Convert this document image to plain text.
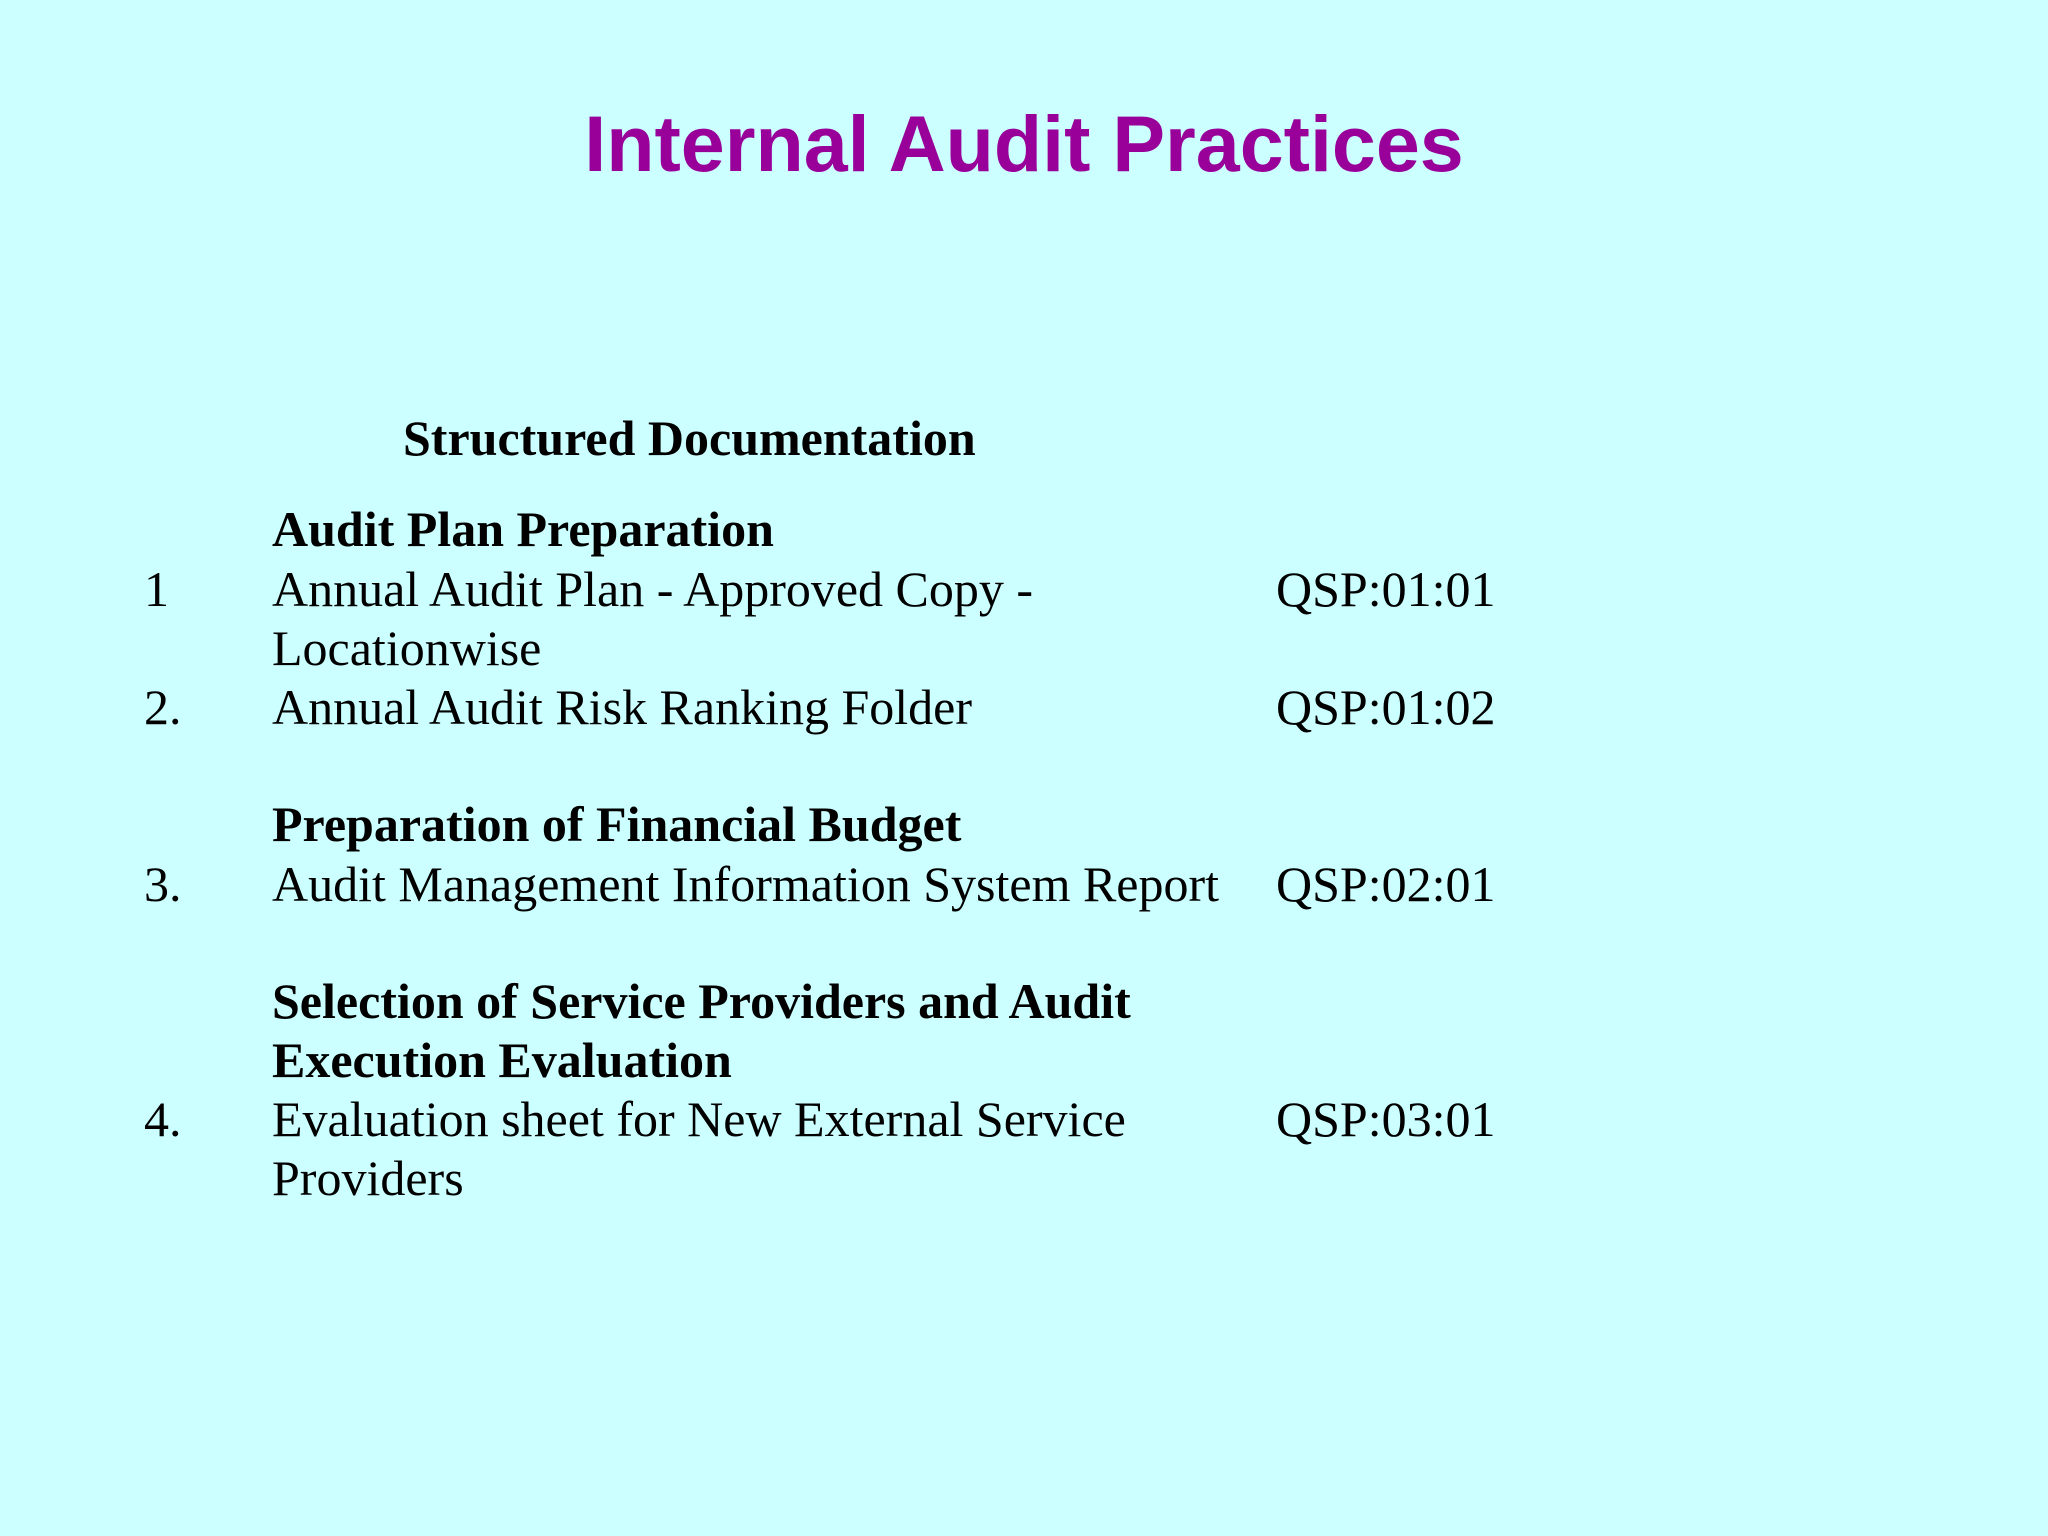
Internal Audit Practices
Structured Documentation
Audit Plan Preparation
1 Annual Audit Plan - Approved Copy -
Locationwise
QSP:01:01
2. Annual Audit Risk Ranking Folder	QSP:01:02
Preparation of Financial Budget
3. Audit Management Information System Report	QSP:02:01
Selection of Service Providers and Audit
Execution Evaluation
4. Evaluation sheet for New External Service
Providers
QSP:03:01
